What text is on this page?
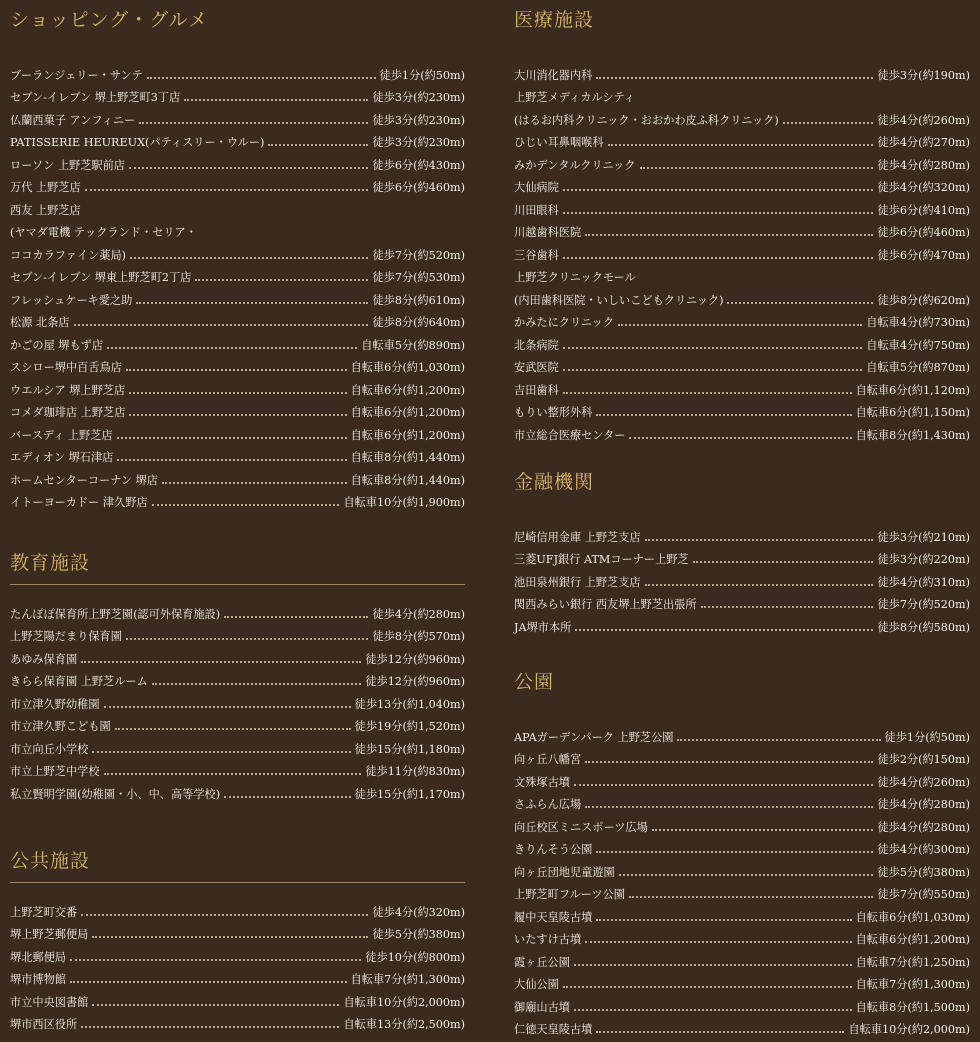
ショッピング・グルメ
ブーランジェリー・サンテ	徒歩1分(約50m)
セブン-イレブン 堺上野芝町3丁店	徒歩3分(約230m)
仏蘭西菓子 アンフィニー	徒歩3分(約230m)
PATISSERIE HEUREUX(パティスリー・ウルー)	徒歩3分(約230m)
ローソン 上野芝駅前店	徒歩6分(約430m)
万代 上野芝店	徒歩6分(約460m)
西友 上野芝店
(ヤマダ電機 テックランド・セリア・
ココカラファイン薬局)	徒歩7分(約520m)
セブン-イレブン 堺東上野芝町2丁店	徒歩7分(約530m)
フレッシュケーキ愛之助	徒歩8分(約610m)
松源 北条店	徒歩8分(約640m)
かごの屋 堺もず店	自転車5分(約890m)
スシロー堺中百舌鳥店	自転車6分(約1,030m)
ウエルシア 堺上野芝店	自転車6分(約1,200m)
コメダ珈琲店 上野芝店	自転車6分(約1,200m)
バースディ 上野芝店	自転車6分(約1,200m)
エディオン 堺石津店	自転車8分(約1,440m)
ホームセンターコーナン 堺店	自転車8分(約1,440m)
イトーヨーカドー 津久野店	自転車10分(約1,900m)
教育施設
たんぽぽ保育所上野芝園(認可外保育施設)	徒歩4分(約280m)
上野芝陽だまり保育園	徒歩8分(約570m)
あゆみ保育園	徒歩12分(約960m)
きらら保育園 上野芝ルーム	徒歩12分(約960m)
市立津久野幼稚園	徒歩13分(約1,040m)
市立津久野こども園	徒歩19分(約1,520m)
市立向丘小学校	徒歩15分(約1,180m)
市立上野芝中学校	徒歩11分(約830m)
私立賢明学園(幼稚園・小、中、高等学校)	徒歩15分(約1,170m)
公共施設
上野芝町交番	徒歩4分(約320m)
堺上野芝郵便局	徒歩5分(約380m)
堺北郵便局	徒歩10分(約800m)
堺市博物館	自転車7分(約1,300m)
市立中央図書館	自転車10分(約2,000m)
堺市西区役所	自転車13分(約2,500m)
医療施設
大川消化器内科	徒歩3分(約190m)
上野芝メディカルシティ
(はるお内科クリニック・おおかわ皮ふ科クリニック)	徒歩4分(約260m)
ひじい耳鼻咽喉科	徒歩4分(約270m)
みかデンタルクリニック	徒歩4分(約280m)
大仙病院	徒歩4分(約320m)
川田眼科	徒歩6分(約410m)
川越歯科医院	徒歩6分(約460m)
三谷歯科	徒歩6分(約470m)
上野芝クリニックモール
(内田歯科医院・いしいこどもクリニック)	徒歩8分(約620m)
かみたにクリニック	自転車4分(約730m)
北条病院	自転車4分(約750m)
安武医院	自転車5分(約870m)
吉田歯科	自転車6分(約1,120m)
もりい整形外科	自転車6分(約1,150m)
市立総合医療センター	自転車8分(約1,430m)
金融機関
尼崎信用金庫 上野芝支店	徒歩3分(約210m)
三菱UFJ銀行 ATMコーナー上野芝	徒歩3分(約220m)
池田泉州銀行 上野芝支店	徒歩4分(約310m)
関西みらい銀行 西友堺上野芝出張所	徒歩7分(約520m)
JA堺市本所	徒歩8分(約580m)
公園
APAガーデンパーク 上野芝公園	徒歩1分(約50m)
向ヶ丘八幡宮	徒歩2分(約150m)
文殊塚古墳	徒歩4分(約260m)
さふらん広場	徒歩4分(約280m)
向丘校区ミニスポーツ広場	徒歩4分(約280m)
きりんそう公園	徒歩4分(約300m)
向ヶ丘団地児童遊園	徒歩5分(約380m)
上野芝町フルーツ公園	徒歩7分(約550m)
履中天皇陵古墳	自転車6分(約1,030m)
いたすけ古墳	自転車6分(約1,200m)
霞ヶ丘公園	自転車7分(約1,250m)
大仙公園	自転車7分(約1,300m)
御廟山古墳	自転車8分(約1,500m)
仁徳天皇陵古墳	自転車10分(約2,000m)
